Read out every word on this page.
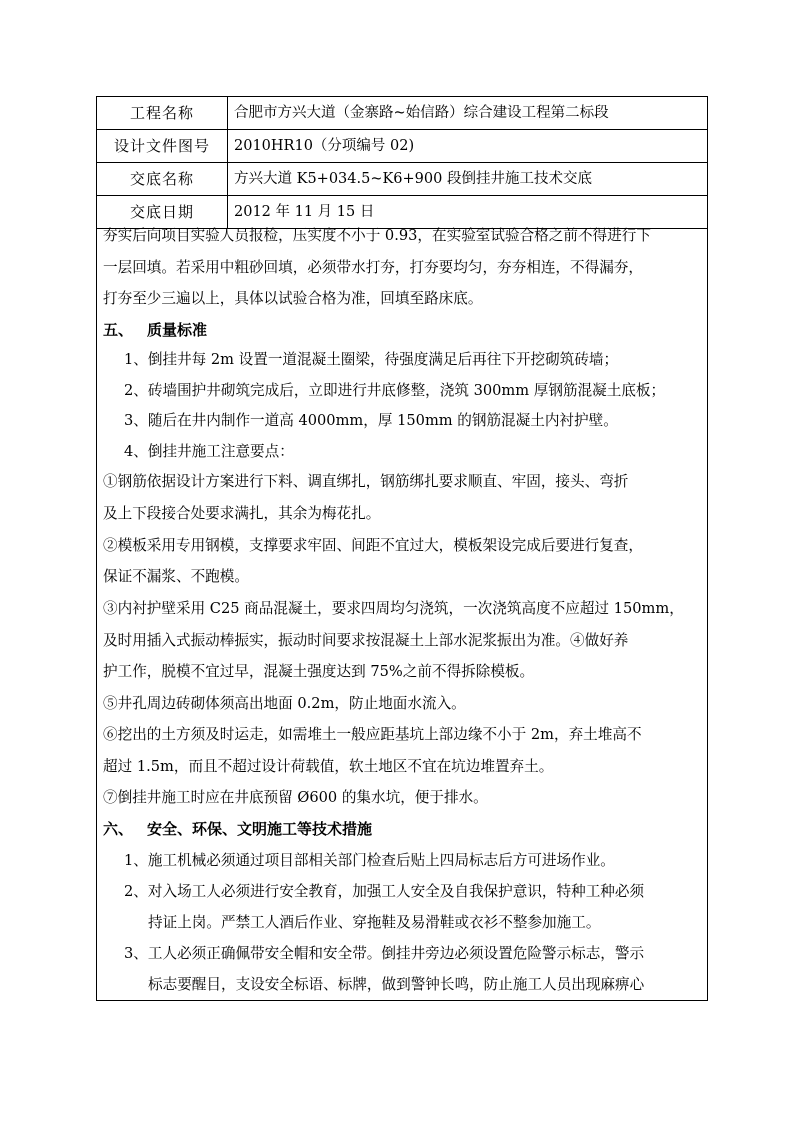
工程名称	合肥市方兴大道（金寨路~始信路）综合建设工程第二标段
设计文件图号	2010HR10（分项编号 02)
交底名称	方兴大道 K5+034.5~K6+900 段倒挂井施工技术交底
交底日期	2012 年 11 月 15 日
夯实后向项目实验人员报检，压实度不小于 0.93，在实验室试验合格之前不得进行下
一层回填。若采用中粗砂回填，必须带水打夯，打夯要均匀，夯夯相连，不得漏夯，
打夯至少三遍以上，具体以试验合格为准，回填至路床底。
五、 质量标准
1、倒挂井每 2m 设置一道混凝土圈梁，待强度满足后再往下开挖砌筑砖墙；
2、砖墙围护井砌筑完成后，立即进行井底修整，浇筑 300mm 厚钢筋混凝土底板；
3、随后在井内制作一道高 4000mm，厚 150mm 的钢筋混凝土内衬护壁。
4、倒挂井施工注意要点：
①钢筋依据设计方案进行下料、调直绑扎，钢筋绑扎要求顺直、牢固，接头、弯折
及上下段接合处要求满扎，其余为梅花扎。
②模板采用专用钢模，支撑要求牢固、间距不宜过大，模板架设完成后要进行复查，
保证不漏浆、不跑模。
③内衬护壁采用 C25 商品混凝土，要求四周均匀浇筑，一次浇筑高度不应超过 150mm，
及时用插入式振动棒振实，振动时间要求按混凝土上部水泥浆振出为准。④做好养
护工作，脱模不宜过早，混凝土强度达到 75%之前不得拆除模板。
⑤井孔周边砖砌体须高出地面 0.2m，防止地面水流入。
⑥挖出的土方须及时运走，如需堆土一般应距基坑上部边缘不小于 2m，弃土堆高不
超过 1.5m，而且不超过设计荷载值，软土地区不宜在坑边堆置弃土。
⑦倒挂井施工时应在井底预留 Ø600 的集水坑，便于排水。
六、 安全、环保、文明施工等技术措施
1、施工机械必须通过项目部相关部门检查后贴上四局标志后方可进场作业。
2、对入场工人必须进行安全教育，加强工人安全及自我保护意识，特种工种必须
持证上岗。严禁工人酒后作业、穿拖鞋及易滑鞋或衣衫不整参加施工。
3、工人必须正确佩带安全帽和安全带。倒挂井旁边必须设置危险警示标志，警示
标志要醒目，支设安全标语、标牌，做到警钟长鸣，防止施工人员出现麻痹心
